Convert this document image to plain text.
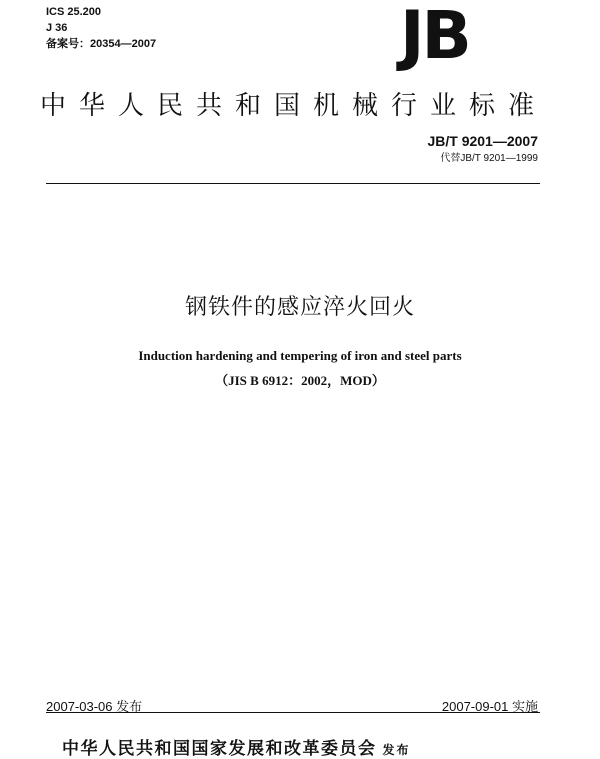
ICS 25.200
J 36
备案号：20354—2007	JB
中华人民共和国机械行业标准
JB/T 9201—2007
代替JB/T 9201—1999
钢铁件的感应淬火回火
Induction hardening and tempering of iron and steel parts
（JIS B 6912：2002，MOD）
2007-03-06 发布	2007-09-01 实施
中华人民共和国国家发展和改革委员会 发布
